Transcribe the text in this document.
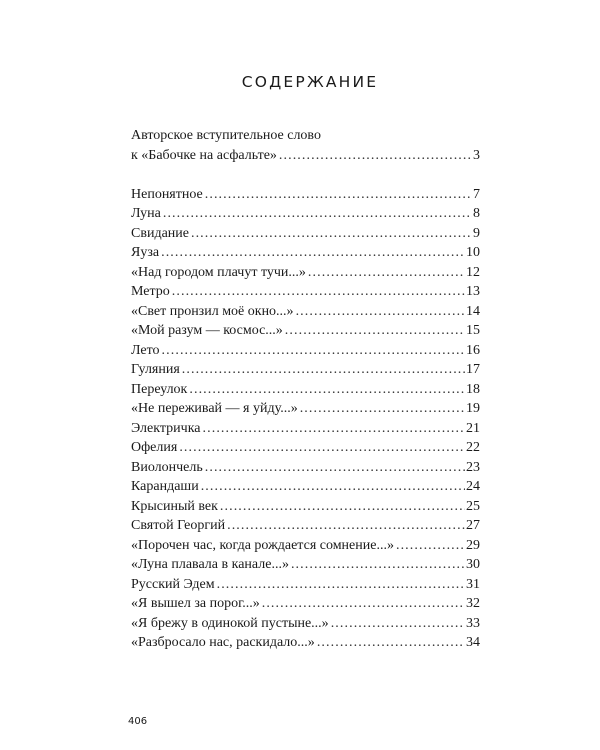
СОДЕРЖАНИЕ
Авторское вступительное слово
к «Бабочке на асфальте» . . .	3
Непонятное . . .	7
Луна . . .	8
Свидание . . .	9
Яуза . . .	10
«Над городом плачут тучи...» . . .	12
Метро . . .	13
«Свет пронзил моё окно...» . . .	14
«Мой разум — космос...» . . .	15
Лето . . .	16
Гуляния . . .	17
Переулок . . .	18
«Не переживай — я уйду...» . . .	19
Электричка . . .	21
Офелия . . .	22
Виолончель . . .	23
Карандаши . . .	24
Крысиный век . . .	25
Святой Георгий . . .	27
«Порочен час, когда рождается сомнение...» . . .	29
«Луна плавала в канале...» . . .	30
Русский Эдем . . .	31
«Я вышел за порог...» . . .	32
«Я брежу в одинокой пустыне...» . . .	33
«Разбросало нас, раскидало...» . . .	34
406
